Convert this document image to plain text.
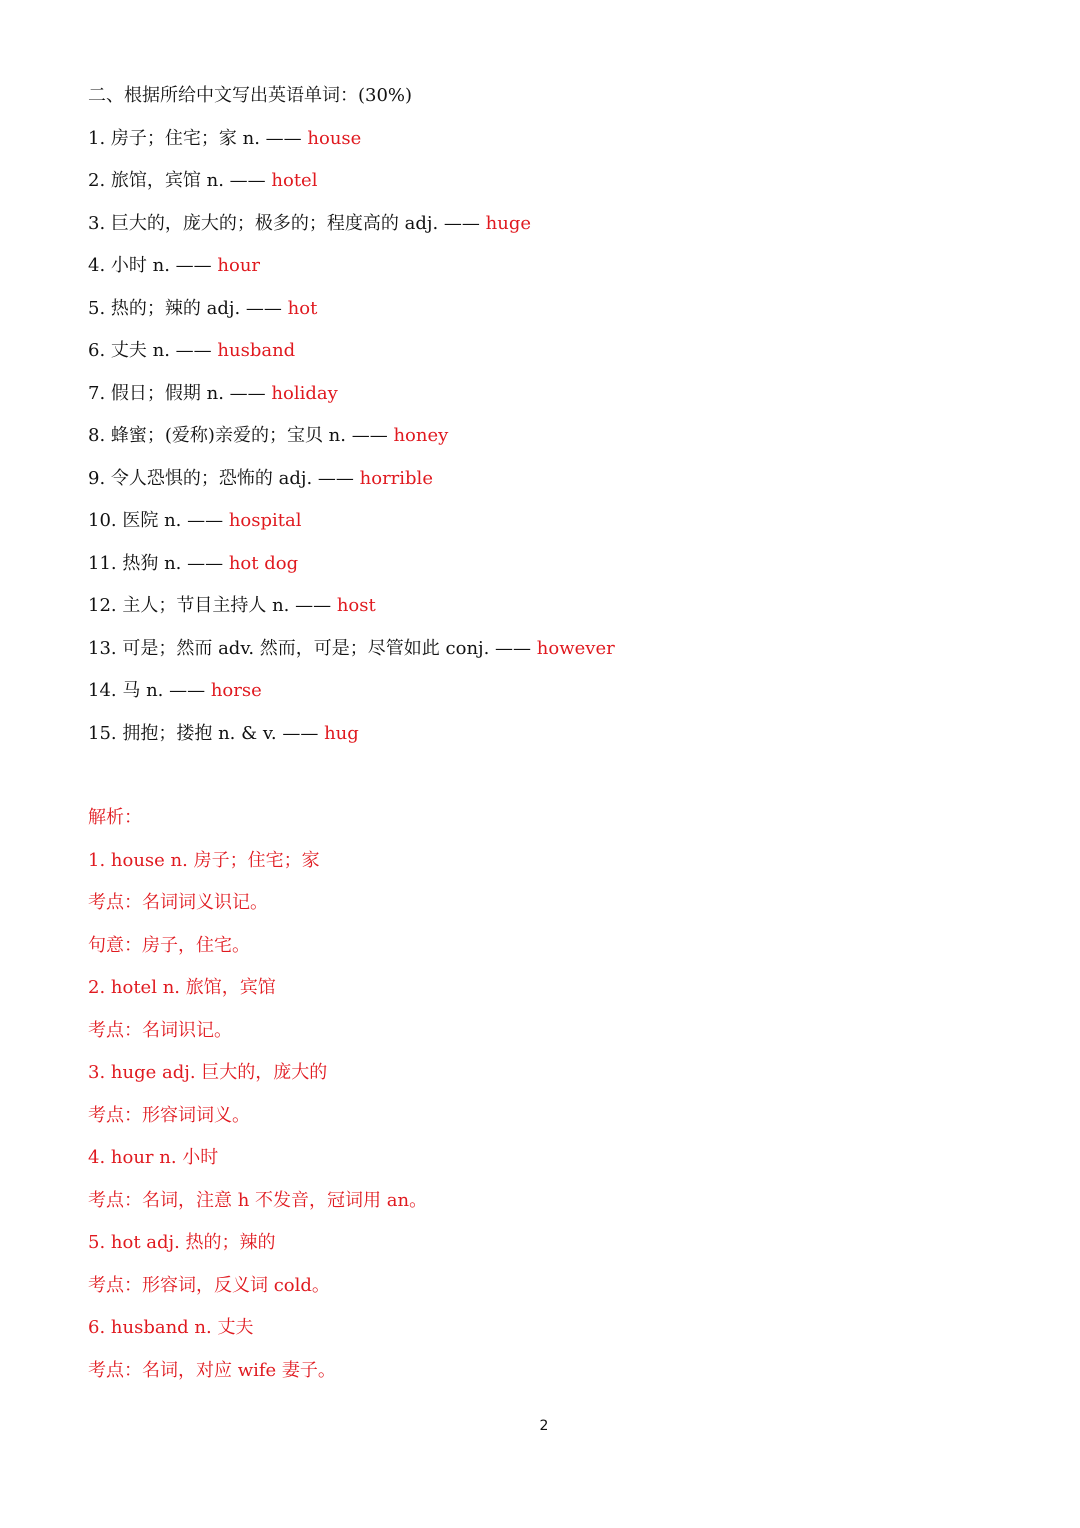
二、根据所给中文写出英语单词：(30%)
1. 房子；住宅；家 n. —— house
2. 旅馆，宾馆 n. —— hotel
3. 巨大的，庞大的；极多的；程度高的 adj. —— huge
4. 小时 n. —— hour
5. 热的；辣的 adj. —— hot
6. 丈夫 n. —— husband
7. 假日；假期 n. —— holiday
8. 蜂蜜；(爱称)亲爱的；宝贝 n. —— honey
9. 令人恐惧的；恐怖的 adj. —— horrible
10. 医院 n. —— hospital
11. 热狗 n. —— hot dog
12. 主人；节目主持人 n. —— host
13. 可是；然而 adv. 然而，可是；尽管如此 conj. —— however
14. 马 n. —— horse
15. 拥抱；搂抱 n. & v. —— hug
解析：
1. house n. 房子；住宅；家
考点：名词词义识记。
句意：房子，住宅。
2. hotel n. 旅馆，宾馆
考点：名词识记。
3. huge adj. 巨大的，庞大的
考点：形容词词义。
4. hour n. 小时
考点：名词，注意 h 不发音，冠词用 an。
5. hot adj. 热的；辣的
考点：形容词，反义词 cold。
6. husband n. 丈夫
考点：名词，对应 wife 妻子。
2
